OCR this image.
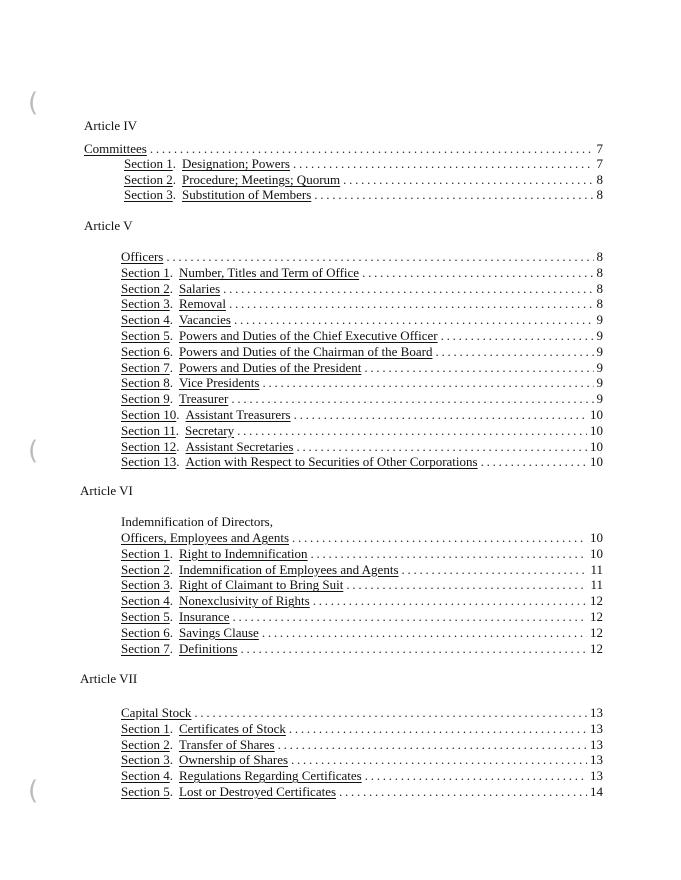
(
(
(
Article IV
Committees . . .	7
Section 1 . Designation; Powers . . .	7
Section 2 . Procedure; Meetings; Quorum . . .	8
Section 3 . Substitution of Members . . .	8
Article V
Officers . . .	8
Section 1 . Number, Titles and Term of Office . . .	8
Section 2 . Salaries . . .	8
Section 3 . Removal . . .	8
Section 4 . Vacancies . . .	9
Section 5 . Powers and Duties of the Chief Executive Officer . . .	9
Section 6 . Powers and Duties of the Chairman of the Board . . .	9
Section 7 . Powers and Duties of the President . . .	9
Section 8 . Vice Presidents . . .	9
Section 9 . Treasurer . . .	9
Section 10 . Assistant Treasurers . . .	10
Section 11 . Secretary . . .	10
Section 12 . Assistant Secretaries . . .	10
Section 13 . Action with Respect to Securities of Other Corporations . . .	10
Article VI
Indemnification of Directors,
Officers, Employees and Agents . . .	10
Section 1 . Right to Indemnification . . .	10
Section 2 . Indemnification of Employees and Agents . . .	11
Section 3 . Right of Claimant to Bring Suit . . .	11
Section 4 . Nonexclusivity of Rights . . .	12
Section 5 . Insurance . . .	12
Section 6 . Savings Clause . . .	12
Section 7 . Definitions . . .	12
Article VII
Capital Stock . . .	13
Section 1 . Certificates of Stock . . .	13
Section 2 . Transfer of Shares . . .	13
Section 3 . Ownership of Shares . . .	13
Section 4 . Regulations Regarding Certificates . . .	13
Section 5 . Lost or Destroyed Certificates . . .	14
